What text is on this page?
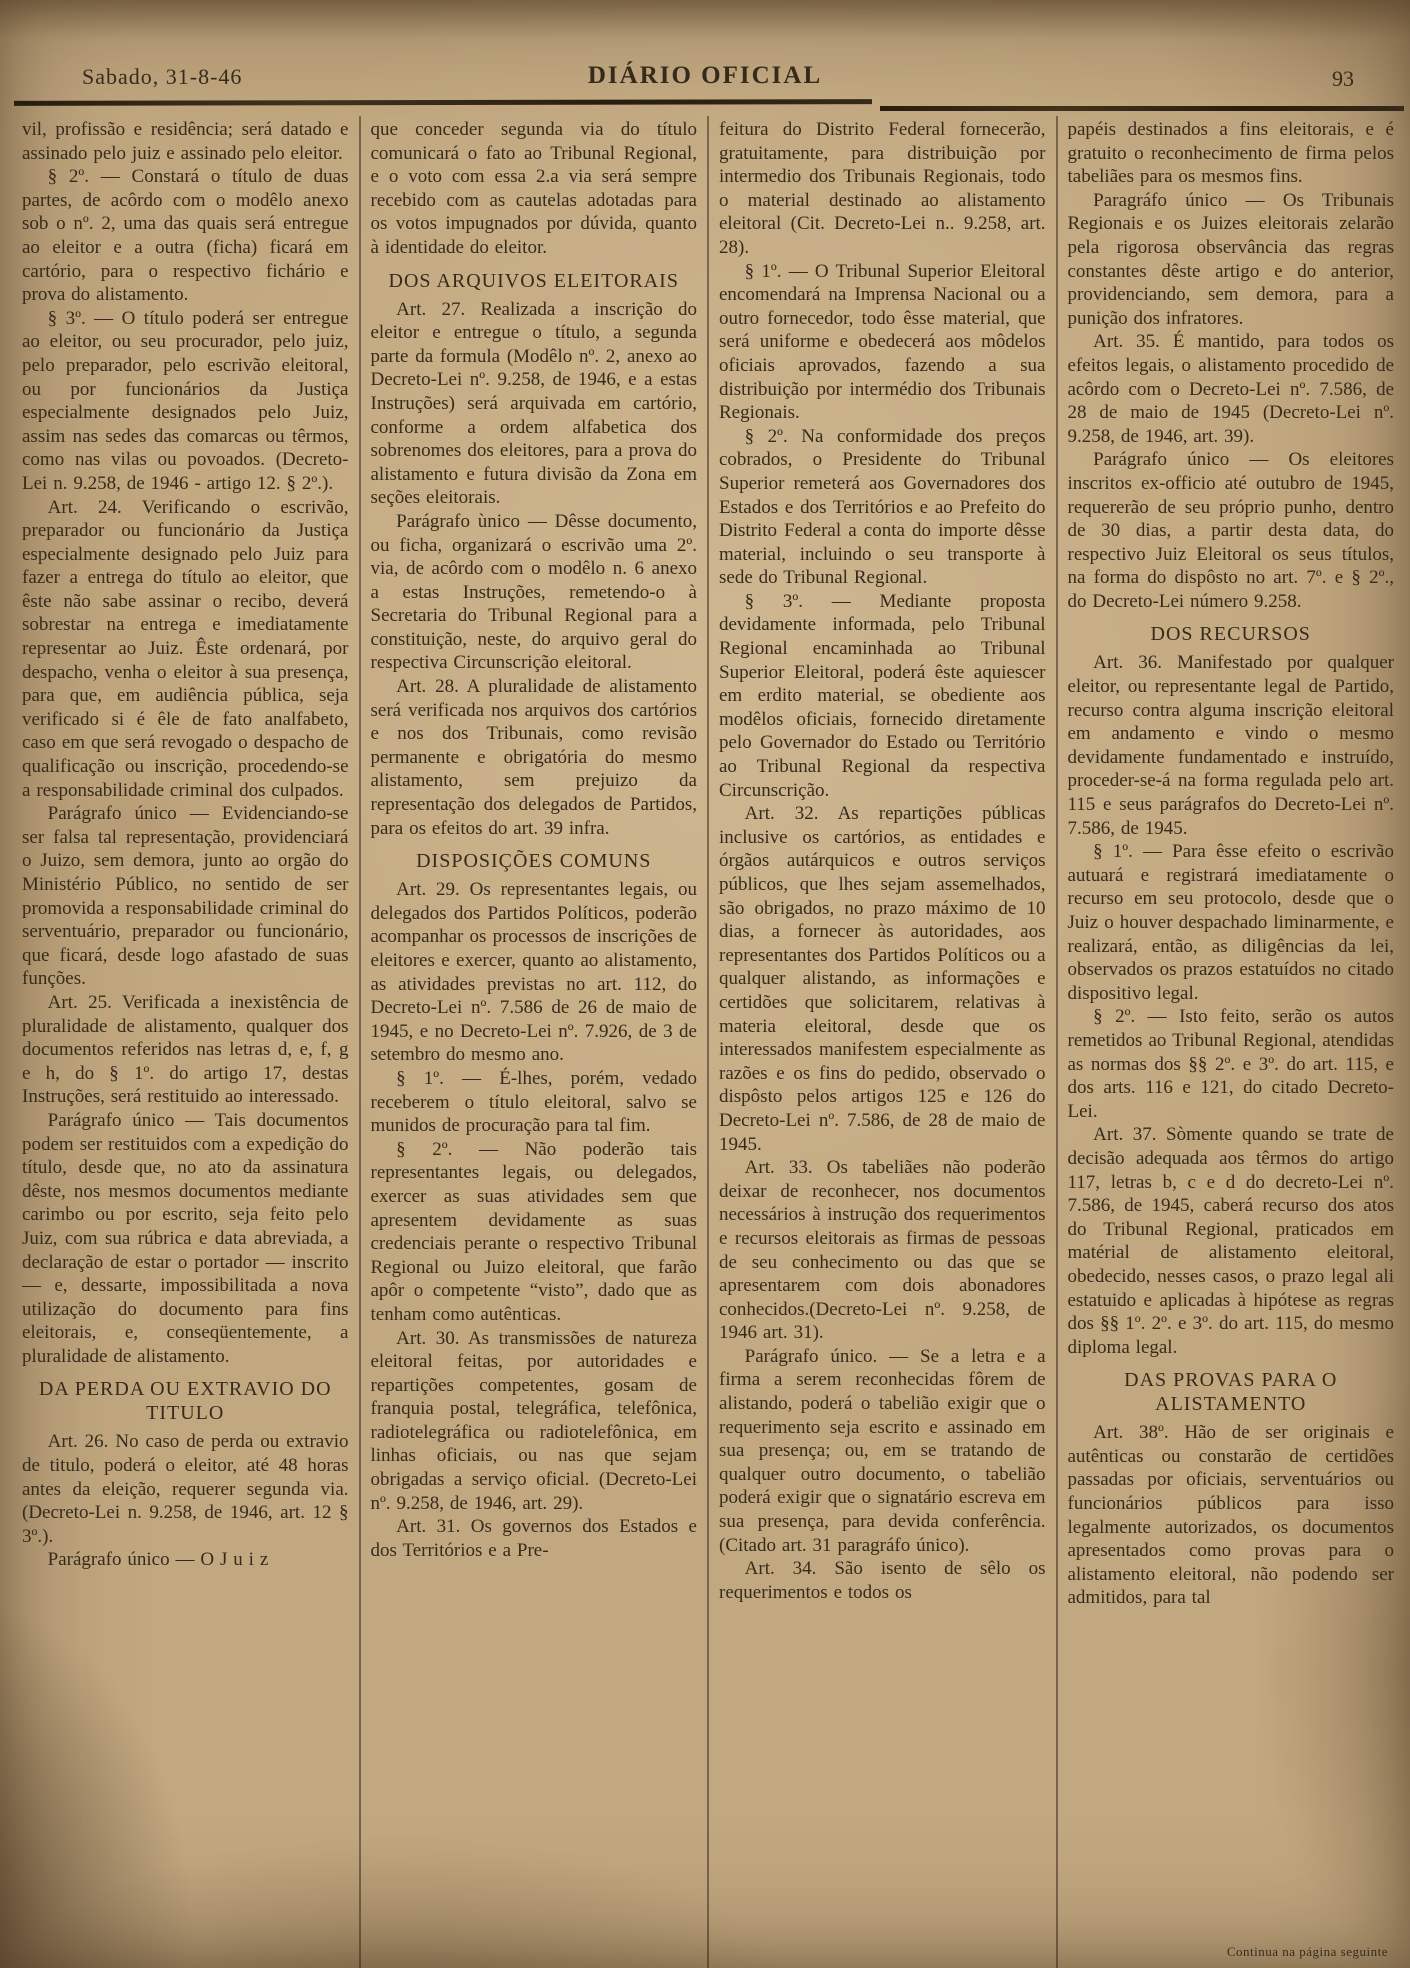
Sabado, 31-8-46	DIÁRIO OFICIAL	93

vil, profissão e residência; será datado e assinado pelo juiz e assinado pelo eleitor.

§ 2º. — Constará o título de duas partes, de acôrdo com o modêlo anexo sob o nº. 2, uma das quais será entregue ao eleitor e a outra (ficha) ficará em cartório, para o respectivo fichário e prova do alistamento.

§ 3º. — O título poderá ser entregue ao eleitor, ou seu procurador, pelo juiz, pelo preparador, pelo escrivão eleitoral, ou por funcionários da Justiça especialmente designados pelo Juiz, assim nas sedes das comarcas ou têrmos, como nas vilas ou povoados. (Decreto-Lei n. 9.258, de 1946 - artigo 12. § 2º.).

Art. 24. Verificando o escrivão, preparador ou funcionário da Justiça especialmente designado pelo Juiz para fazer a entrega do título ao eleitor, que êste não sabe assinar o recibo, deverá sobrestar na entrega e imediatamente representar ao Juiz. Êste ordenará, por despacho, venha o eleitor à sua presença, para que, em audiência pública, seja verificado si é êle de fato analfabeto, caso em que será revogado o despacho de qualificação ou inscrição, procedendo-se a responsabilidade criminal dos culpados.

Parágrafo único — Evidenciando-se ser falsa tal representação, providenciará o Juizo, sem demora, junto ao orgão do Ministério Público, no sentido de ser promovida a responsabilidade criminal do serventuário, preparador ou funcionário, que ficará, desde logo afastado de suas funções.

Art. 25. Verificada a inexistência de pluralidade de alistamento, qualquer dos documentos referidos nas letras d, e, f, g e h, do § 1º. do artigo 17, destas Instruções, será restituido ao interessado.

Parágrafo único — Tais documentos podem ser restituidos com a expedição do título, desde que, no ato da assinatura dêste, nos mesmos documentos mediante carimbo ou por escrito, seja feito pelo Juiz, com sua rúbrica e data abreviada, a declaração de estar o portador — inscrito — e, dessarte, impossibilitada a nova utilização do documento para fins eleitorais, e, conseqüentemente, a pluralidade de alistamento.

DA PERDA OU EXTRAVIO DO TITULO

Art. 26. No caso de perda ou extravio de titulo, poderá o eleitor, até 48 horas antes da eleição, requerer segunda via. (Decreto-Lei n. 9.258, de 1946, art. 12 § 3º.).

Parágrafo único — O J u i z

que conceder segunda via do título comunicará o fato ao Tribunal Regional, e o voto com essa 2.a via será sempre recebido com as cautelas adotadas para os votos impugnados por dúvida, quanto à identidade do eleitor.

DOS ARQUIVOS ELEITORAIS

Art. 27. Realizada a inscrição do eleitor e entregue o título, a segunda parte da formula (Modêlo nº. 2, anexo ao Decreto-Lei nº. 9.258, de 1946, e a estas Instruções) será arquivada em cartório, conforme a ordem alfabetica dos sobrenomes dos eleitores, para a prova do alistamento e futura divisão da Zona em seções eleitorais.

Parágrafo ùnico — Dêsse documento, ou ficha, organizará o escrivão uma 2º. via, de acôrdo com o modêlo n. 6 anexo a estas Instruções, remetendo-o à Secretaria do Tribunal Regional para a constituição, neste, do arquivo geral do respectiva Circunscrição eleitoral.

Art. 28. A pluralidade de alistamento será verificada nos arquivos dos cartórios e nos dos Tribunais, como revisão permanente e obrigatória do mesmo alistamento, sem prejuizo da representação dos delegados de Partidos, para os efeitos do art. 39 infra.

DISPOSIÇÕES COMUNS

Art. 29. Os representantes legais, ou delegados dos Partidos Políticos, poderão acompanhar os processos de inscrições de eleitores e exercer, quanto ao alistamento, as atividades previstas no art. 112, do Decreto-Lei nº. 7.586 de 26 de maio de 1945, e no Decreto-Lei nº. 7.926, de 3 de setembro do mesmo ano.

§ 1º. — É-lhes, porém, vedado receberem o título eleitoral, salvo se munidos de procuração para tal fim.

§ 2º. — Não poderão tais representantes legais, ou delegados, exercer as suas atividades sem que apresentem devidamente as suas credenciais perante o respectivo Tribunal Regional ou Juizo eleitoral, que farão apôr o competente “visto”, dado que as tenham como autênticas.

Art. 30. As transmissões de natureza eleitoral feitas, por autoridades e repartições competentes, gosam de franquia postal, telegráfica, telefônica, radiotelegráfica ou radiotelefônica, em linhas oficiais, ou nas que sejam obrigadas a serviço oficial. (Decreto-Lei nº. 9.258, de 1946, art. 29).

Art. 31. Os governos dos Estados e dos Territórios e a Pre-

feitura do Distrito Federal fornecerão, gratuitamente, para distribuição por intermedio dos Tribunais Regionais, todo o material destinado ao alistamento eleitoral (Cit. Decreto-Lei n.. 9.258, art. 28).

§ 1º. — O Tribunal Superior Eleitoral encomendará na Imprensa Nacional ou a outro fornecedor, todo êsse material, que será uniforme e obedecerá aos môdelos oficiais aprovados, fazendo a sua distribuição por intermédio dos Tribunais Regionais.

§ 2º. Na conformidade dos preços cobrados, o Presidente do Tribunal Superior remeterá aos Governadores dos Estados e dos Territórios e ao Prefeito do Distrito Federal a conta do importe dêsse material, incluindo o seu transporte à sede do Tribunal Regional.

§ 3º. — Mediante proposta devidamente informada, pelo Tribunal Regional encaminhada ao Tribunal Superior Eleitoral, poderá êste aquiescer em erdito material, se obediente aos modêlos oficiais, fornecido diretamente pelo Governador do Estado ou Território ao Tribunal Regional da respectiva Circunscrição.

Art. 32. As repartições públicas inclusive os cartórios, as entidades e órgãos autárquicos e outros serviços públicos, que lhes sejam assemelhados, são obrigados, no prazo máximo de 10 dias, a fornecer às autoridades, aos representantes dos Partidos Políticos ou a qualquer alistando, as informações e certidões que solicitarem, relativas à materia eleitoral, desde que os interessados manifestem especialmente as razões e os fins do pedido, observado o dispôsto pelos artigos 125 e 126 do Decreto-Lei nº. 7.586, de 28 de maio de 1945.

Art. 33. Os tabeliães não poderão deixar de reconhecer, nos documentos necessários à instrução dos requerimentos e recursos eleitorais as firmas de pessoas de seu conhecimento ou das que se apresentarem com dois abonadores conhecidos.(Decreto-Lei nº. 9.258, de 1946 art. 31).

Parágrafo único. — Se a letra e a firma a serem reconhecidas fôrem de alistando, poderá o tabelião exigir que o requerimento seja escrito e assinado em sua presença; ou, em se tratando de qualquer outro documento, o tabelião poderá exigir que o signatário escreva em sua presença, para devida conferência. (Citado art. 31 paragráfo único).

Art. 34. São isento de sêlo os requerimentos e todos os

papéis destinados a fins eleitorais, e é gratuito o reconhecimento de firma pelos tabeliães para os mesmos fins.

Paragráfo único — Os Tribunais Regionais e os Juizes eleitorais zelarão pela rigorosa observância das regras constantes dêste artigo e do anterior, providenciando, sem demora, para a punição dos infratores.

Art. 35. É mantido, para todos os efeitos legais, o alistamento procedido de acôrdo com o Decreto-Lei nº. 7.586, de 28 de maio de 1945 (Decreto-Lei nº. 9.258, de 1946, art. 39).

Parágrafo único — Os eleitores inscritos ex-officio até outubro de 1945, requererão de seu próprio punho, dentro de 30 dias, a partir desta data, do respectivo Juiz Eleitoral os seus títulos, na forma do dispôsto no art. 7º. e § 2º., do Decreto-Lei número 9.258.

DOS RECURSOS

Art. 36. Manifestado por qualquer eleitor, ou representante legal de Partido, recurso contra alguma inscrição eleitoral em andamento e vindo o mesmo devidamente fundamentado e instruído, proceder-se-á na forma regulada pelo art. 115 e seus parágrafos do Decreto-Lei nº. 7.586, de 1945.

§ 1º. — Para êsse efeito o escrivão autuará e registrará imediatamente o recurso em seu protocolo, desde que o Juiz o houver despachado liminarmente, e realizará, então, as diligências da lei, observados os prazos estatuídos no citado dispositivo legal.

§ 2º. — Isto feito, serão os autos remetidos ao Tribunal Regional, atendidas as normas dos §§ 2º. e 3º. do art. 115, e dos arts. 116 e 121, do citado Decreto-Lei.

Art. 37. Sòmente quando se trate de decisão adequada aos têrmos do artigo 117, letras b, c e d do decreto-Lei nº. 7.586, de 1945, caberá recurso dos atos do Tribunal Regional, praticados em matérial de alistamento eleitoral, obedecido, nesses casos, o prazo legal ali estatuido e aplicadas à hipótese as regras dos §§ 1º. 2º. e 3º. do art. 115, do mesmo diploma legal.

DAS PROVAS PARA O ALISTAMENTO

Art. 38º. Hão de ser originais e autênticas ou constarão de certidões passadas por oficiais, serventuários ou funcionários públicos para isso legalmente autorizados, os documentos apresentados como provas para o alistamento eleitoral, não podendo ser admitidos, para tal

Continua na página seguinte
